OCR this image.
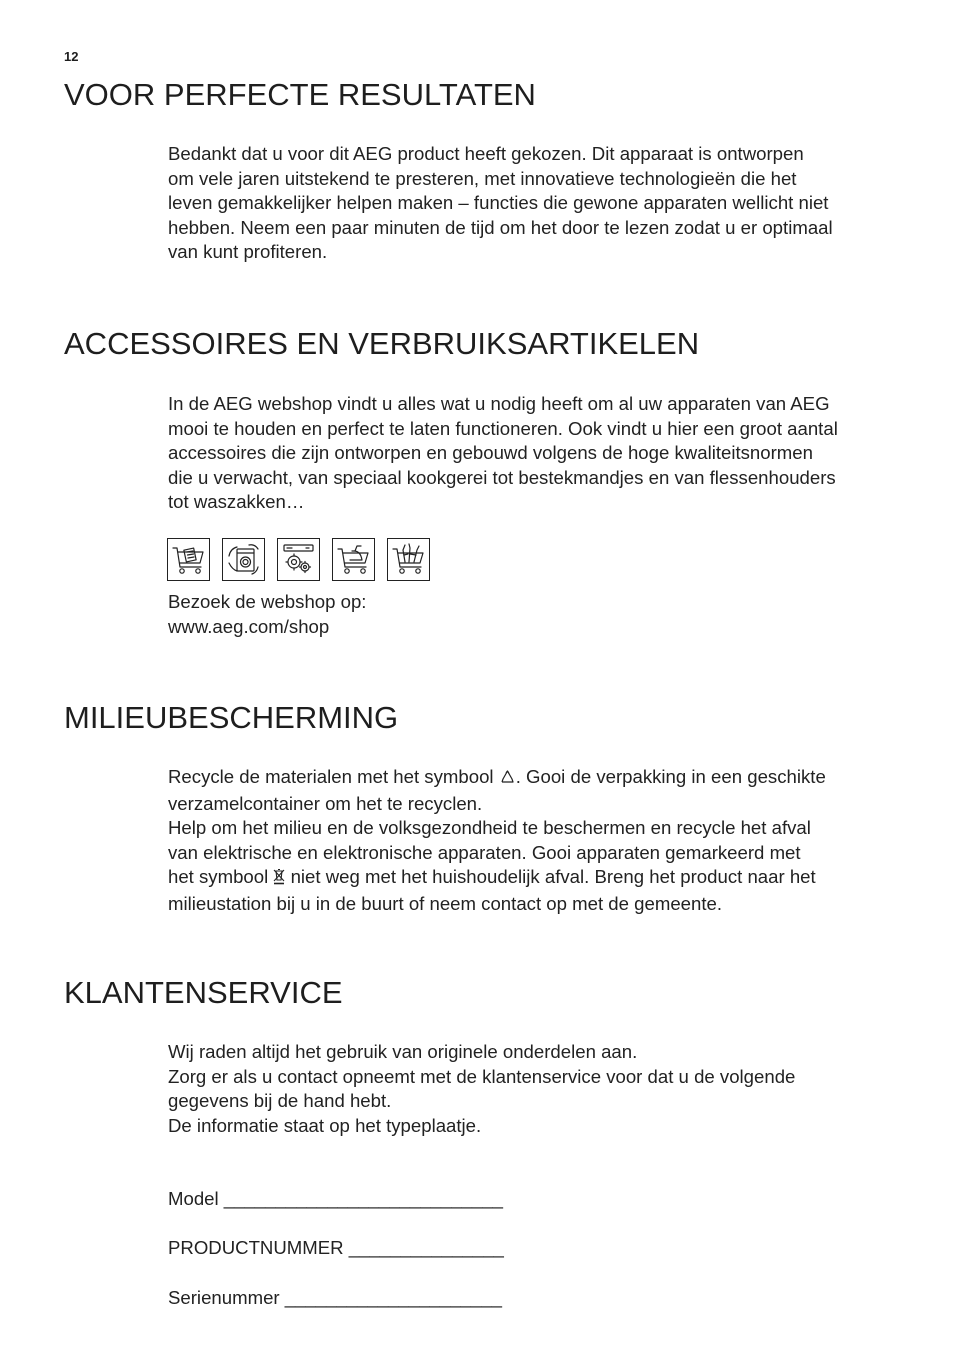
12
VOOR PERFECTE RESULTATEN

Bedankt dat u voor dit AEG product heeft gekozen. Dit apparaat is ontworpen

om vele jaren uitstekend te presteren, met innovatieve technologieën die het

leven gemakkelijker helpen maken – functies die gewone apparaten wellicht niet

hebben. Neem een paar minuten de tijd om het door te lezen zodat u er optimaal

van kunt profiteren.

ACCESSOIRES EN VERBRUIKSARTIKELEN

In de AEG webshop vindt u alles wat u nodig heeft om al uw apparaten van AEG

mooi te houden en perfect te laten functioneren. Ook vindt u hier een groot aantal

accessoires die zijn ontworpen en gebouwd volgens de hoge kwaliteitsnormen

die u verwacht, van speciaal kookgerei tot bestekmandjes en van flessenhouders

tot waszakken…

Bezoek de webshop op:

www.aeg.com/shop

MILIEUBESCHERMING

Recycle de materialen met het symbool . Gooi de verpakking in een geschikte

verzamelcontainer om het te recyclen.

Help om het milieu en de volksgezondheid te beschermen en recycle het afval

van elektrische en elektronische apparaten. Gooi apparaten gemarkeerd met

het symbool  niet weg met het huishoudelijk afval. Breng het product naar het

milieustation bij u in de buurt of neem contact op met de gemeente.

KLANTENSERVICE

Wij raden altijd het gebruik van originele onderdelen aan.

Zorg er als u contact opneemt met de klantenservice voor dat u de volgende

gegevens bij de hand hebt.

De informatie staat op het typeplaatje.

Model ___________________________
PRODUCTNUMMER _______________
Serienummer _____________________
